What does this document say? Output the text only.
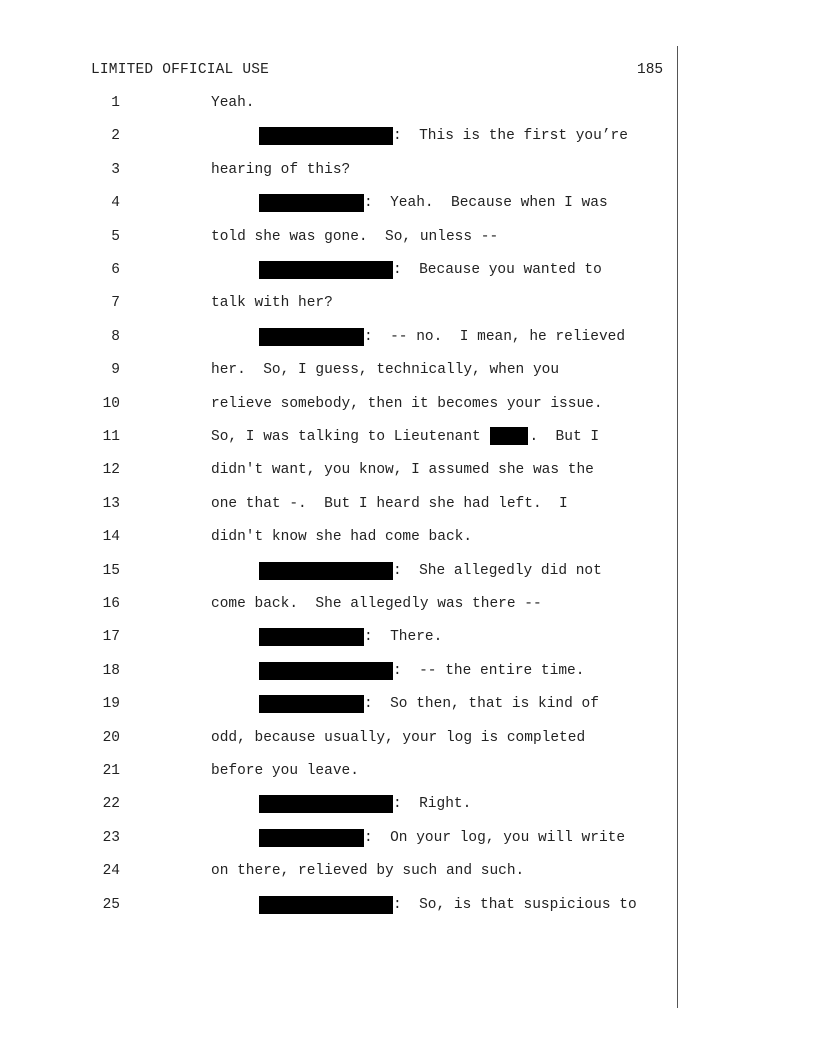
LIMITED OFFICIAL USE	185
1	Yeah.
2	:  This is the first you’re
3	hearing of this?
4	:  Yeah.  Because when I was
5	told she was gone.  So, unless --
6	:  Because you wanted to
7	talk with her?
8	:  -- no.  I mean, he relieved
9	her.  So, I guess, technically, when you
10	relieve somebody, then it becomes your issue.
11	So, I was talking to Lieutenant	.  But I
12	didn't want, you know, I assumed she was the
13	one that -.  But I heard she had left.  I
14	didn't know she had come back.
15	:  She allegedly did not
16	come back.  She allegedly was there --
17	:  There.
18	:  -- the entire time.
19	:  So then, that is kind of
20	odd, because usually, your log is completed
21	before you leave.
22	:  Right.
23	:  On your log, you will write
24	on there, relieved by such and such.
25	:  So, is that suspicious to
